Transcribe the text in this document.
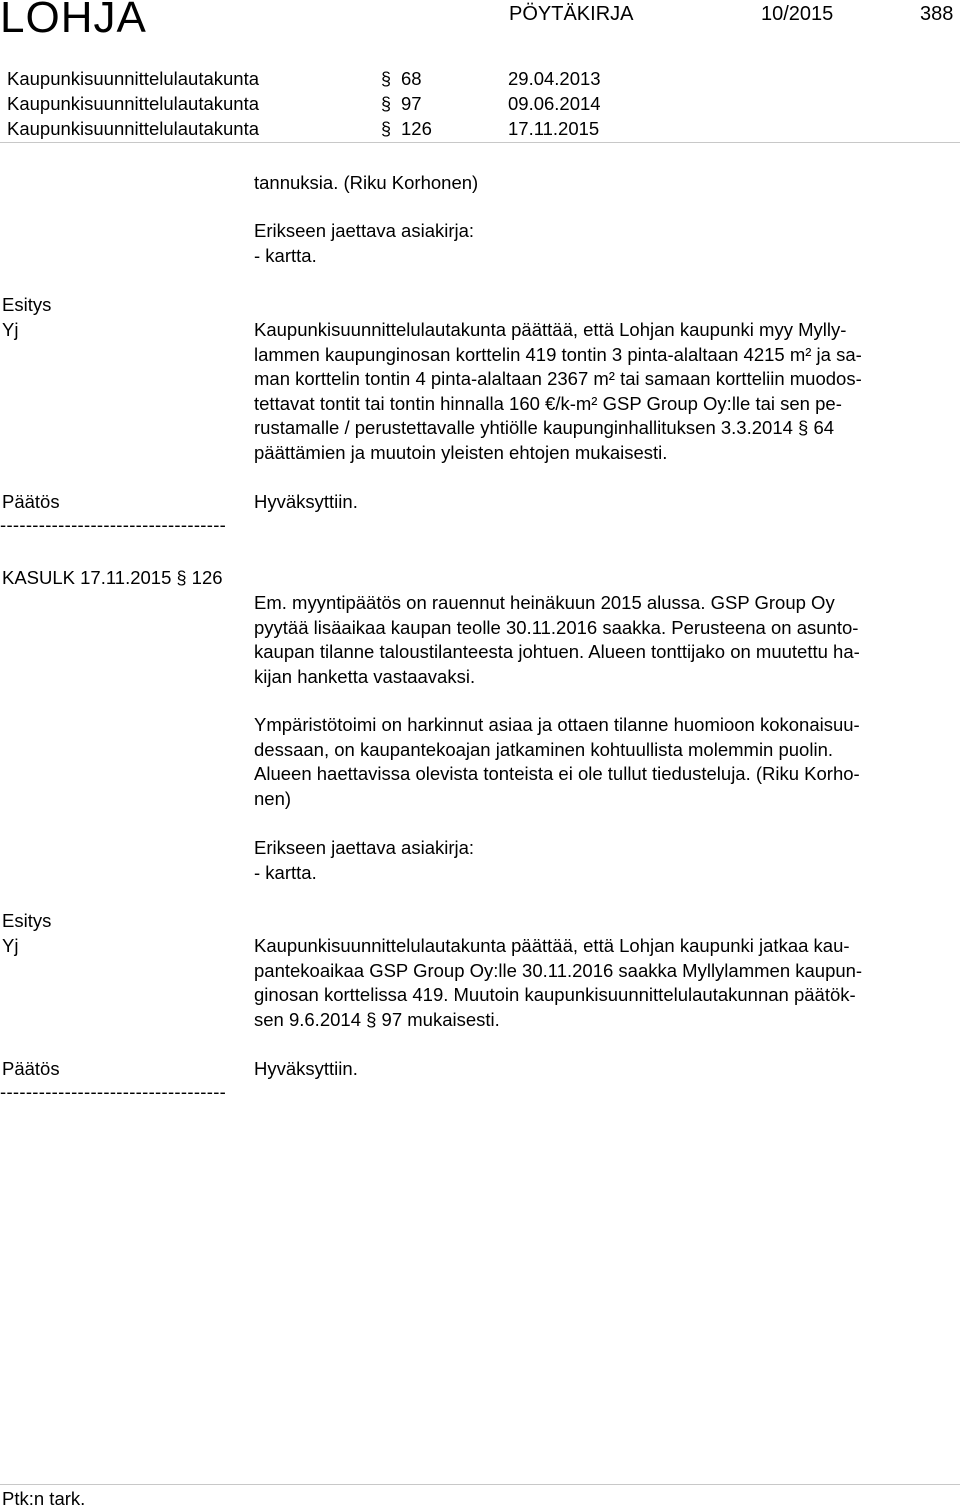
LOHJA	PÖYTÄKIRJA	10/2015	388
Kaupunkisuunnittelulautakunta	§ 68	29.04.2013
Kaupunkisuunnittelulautakunta	§ 97	09.06.2014
Kaupunkisuunnittelulautakunta	§ 126	17.11.2015
tannuksia. (Riku Korhonen)
Erikseen jaettava asiakirja:
- kartta.
Esitys
Yj	Kaupunkisuunnittelulautakunta päättää, että Lohjan kaupunki myy Mylly-
lammen kaupunginosan korttelin 419 tontin 3 pinta-alaltaan 4215 m² ja sa-
man korttelin tontin 4 pinta-alaltaan 2367 m² tai samaan kortteliin muodos-
tettavat tontit tai tontin hinnalla 160 €/k-m² GSP Group Oy:lle tai sen pe-
rustamalle / perustettavalle yhtiölle kaupunginhallituksen 3.3.2014 § 64
päättämien ja muutoin yleisten ehtojen mukaisesti.
Päätös	Hyväksyttiin.
-----------------------------------
KASULK 17.11.2015 § 126
Em. myyntipäätös on rauennut heinäkuun 2015 alussa. GSP Group Oy
pyytää lisäaikaa kaupan teolle 30.11.2016 saakka. Perusteena on asunto-
kaupan tilanne taloustilanteesta johtuen. Alueen tonttijako on muutettu ha-
kijan hanketta vastaavaksi.
Ympäristötoimi on harkinnut asiaa ja ottaen tilanne huomioon kokonaisuu-
dessaan, on kaupantekoajan jatkaminen kohtuullista molemmin puolin.
Alueen haettavissa olevista tonteista ei ole tullut tiedusteluja. (Riku Korho-
nen)
Erikseen jaettava asiakirja:
- kartta.
Esitys
Yj	Kaupunkisuunnittelulautakunta päättää, että Lohjan kaupunki jatkaa kau-
pantekoaikaa GSP Group Oy:lle 30.11.2016 saakka Myllylammen kaupun-
ginosan korttelissa 419. Muutoin kaupunkisuunnittelulautakunnan päätök-
sen 9.6.2014 § 97 mukaisesti.
Päätös	Hyväksyttiin.
-----------------------------------
Ptk:n tark.
